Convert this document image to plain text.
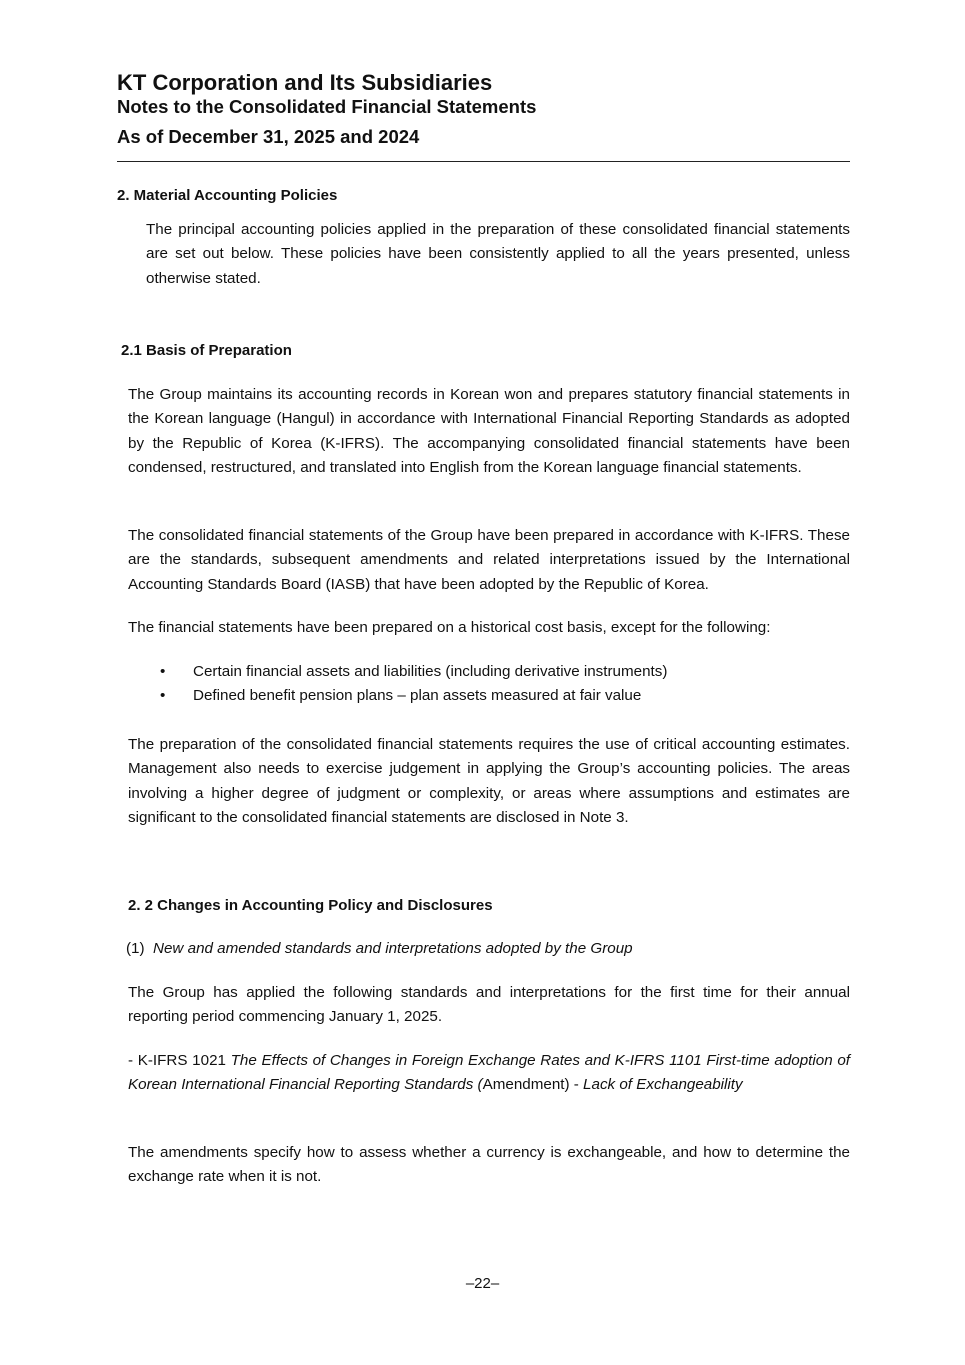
KT Corporation and Its Subsidiaries
Notes to the Consolidated Financial Statements
As of December 31, 2025 and 2024
2. Material Accounting Policies
The principal accounting policies applied in the preparation of these consolidated financial statements are set out below. These policies have been consistently applied to all the years presented, unless otherwise stated.
2.1 Basis of Preparation
The Group maintains its accounting records in Korean won and prepares statutory financial statements in the Korean language (Hangul) in accordance with International Financial Reporting Standards as adopted by the Republic of Korea (K-IFRS). The accompanying consolidated financial statements have been condensed, restructured, and translated into English from the Korean language financial statements.
The consolidated financial statements of the Group have been prepared in accordance with K-IFRS. These are the standards, subsequent amendments and related interpretations issued by the International Accounting Standards Board (IASB) that have been adopted by the Republic of Korea.
The financial statements have been prepared on a historical cost basis, except for the following:
• Certain financial assets and liabilities (including derivative instruments)
• Defined benefit pension plans – plan assets measured at fair value
The preparation of the consolidated financial statements requires the use of critical accounting estimates. Management also needs to exercise judgement in applying the Group’s accounting policies. The areas involving a higher degree of judgment or complexity, or areas where assumptions and estimates are significant to the consolidated financial statements are disclosed in Note 3.
2. 2 Changes in Accounting Policy and Disclosures
(1) New and amended standards and interpretations adopted by the Group
The Group has applied the following standards and interpretations for the first time for their annual reporting period commencing January 1, 2025.
- K-IFRS 1021 The Effects of Changes in Foreign Exchange Rates and K-IFRS 1101 First-time adoption of Korean International Financial Reporting Standards (Amendment) - Lack of Exchangeability
The amendments specify how to assess whether a currency is exchangeable, and how to determine the exchange rate when it is not.
–22–
